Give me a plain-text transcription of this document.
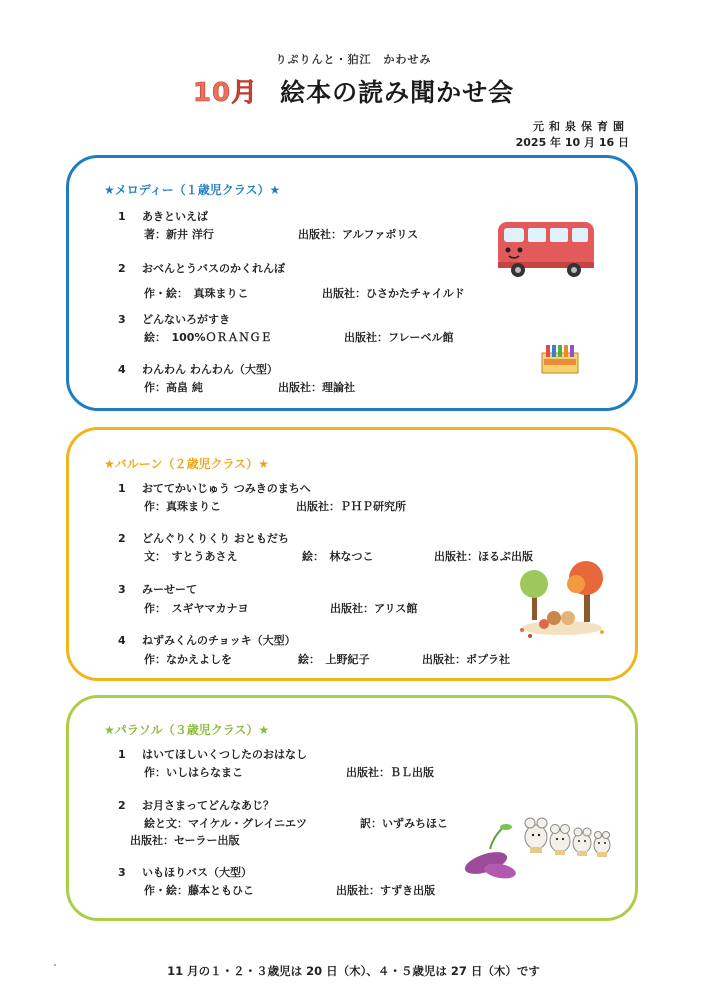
りぷりんと・狛江　かわせみ
10月 絵本の読み聞かせ会
元和泉保育園
2025 年 10 月 16 日
★メロディー（１歳児クラス）★
1 あきといえば
著：新井 洋行	出版社：アルファポリス
2 おべんとうバスのかくれんぼ
作・絵：　真珠まりこ	出版社：ひさかたチャイルド
3 どんないろがすき
絵：　100%ＯＲＡＮＧＥ	出版社：フレーベル館
4 わんわん わんわん（大型）
作：高畠 純	出版社：理論社
★バルーン（２歳児クラス）★
1 おててかいじゅう つみきのまちへ
作：真珠まりこ	出版社：ＰＨＰ研究所
2 どんぐりくりくり おともだち
文：　すとうあさえ	絵：　林なつこ	出版社：ほるぷ出版
3 みーせーて
作：　スギヤマカナヨ	出版社：アリス館
4 ねずみくんのチョッキ（大型）
作：なかえよしを	絵：　上野紀子	出版社：ポプラ社
★パラソル（３歳児クラス）★
1 はいてほしいくつしたのおはなし
作：いしはらなまこ	出版社：ＢＬ出版
2 お月さまってどんなあじ？
絵と文：マイケル・グレイニエツ	訳：いずみちほこ
出版社：セーラー出版
3 いもほりバス（大型）
作・絵：藤本ともひこ	出版社：すずき出版
11 月の１・２・３歳児は 20 日（木）、４・５歳児は 27 日（木）です
